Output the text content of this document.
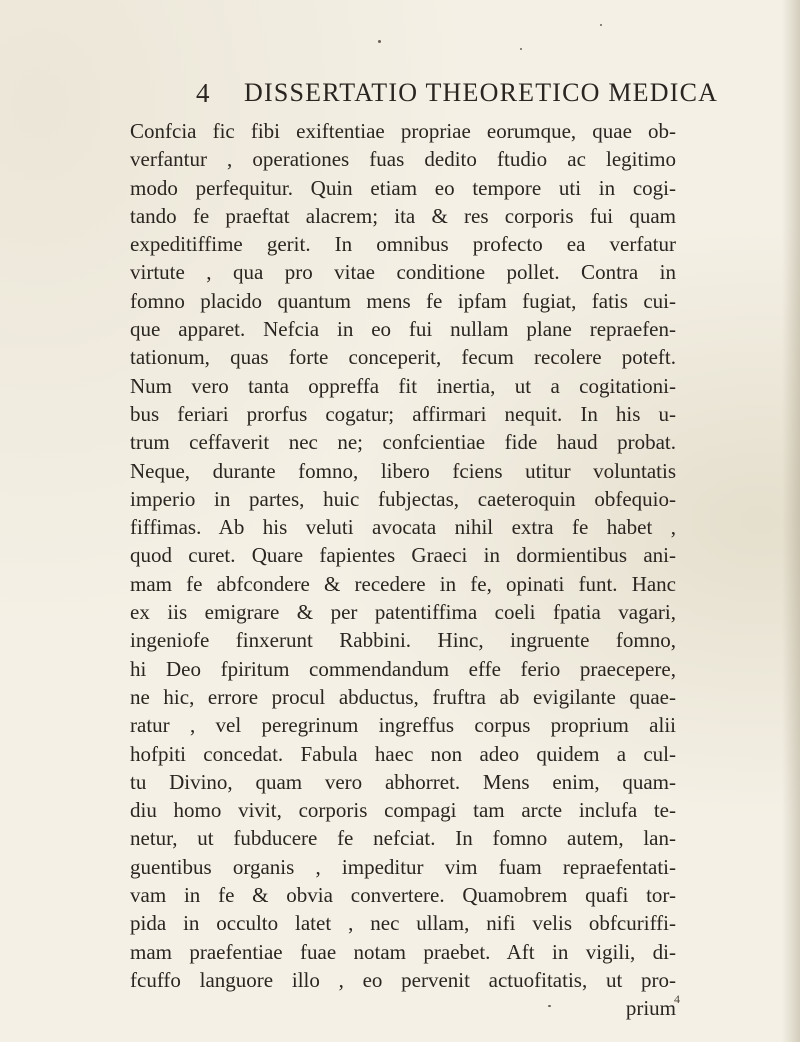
4 DISSERTATIO THEORETICO MEDICA
Confcia fic fibi exiftentiae propriae eorumque, quae ob-
verfantur , operationes fuas dedito ftudio ac legitimo
modo perfequitur. Quin etiam eo tempore uti in cogi-
tando fe praeftat alacrem; ita & res corporis fui quam
expeditiffime gerit. In omnibus profecto ea verfatur
virtute , qua pro vitae conditione pollet. Contra in
fomno placido quantum mens fe ipfam fugiat, fatis cui-
que apparet. Nefcia in eo fui nullam plane repraefen-
tationum, quas forte conceperit, fecum recolere poteft.
Num vero tanta oppreffa fit inertia, ut a cogitationi-
bus feriari prorfus cogatur; affirmari nequit. In his u-
trum ceffaverit nec ne; confcientiae fide haud probat.
Neque, durante fomno, libero fciens utitur voluntatis
imperio in partes, huic fubjectas, caeteroquin obfequio-
fiffimas. Ab his veluti avocata nihil extra fe habet ,
quod curet. Quare fapientes Graeci in dormientibus ani-
mam fe abfcondere & recedere in fe, opinati funt. Hanc
ex iis emigrare & per patentiffima coeli fpatia vagari,
ingeniofe finxerunt Rabbini. Hinc, ingruente fomno,
hi Deo fpiritum commendandum effe ferio praecepere,
ne hic, errore procul abductus, fruftra ab evigilante quae-
ratur , vel peregrinum ingreffus corpus proprium alii
hofpiti concedat. Fabula haec non adeo quidem a cul-
tu Divino, quam vero abhorret. Mens enim, quam-
diu homo vivit, corporis compagi tam arcte inclufa te-
netur, ut fubducere fe nefciat. In fomno autem, lan-
guentibus organis , impeditur vim fuam repraefentati-
vam in fe & obvia convertere. Quamobrem quafi tor-
pida in occulto latet , nec ullam, nifi velis obfcuriffi-
mam praefentiae fuae notam praebet. Aft in vigili, di-
fcuffo languore illo , eo pervenit actuofitatis, ut pro-
prium
4
